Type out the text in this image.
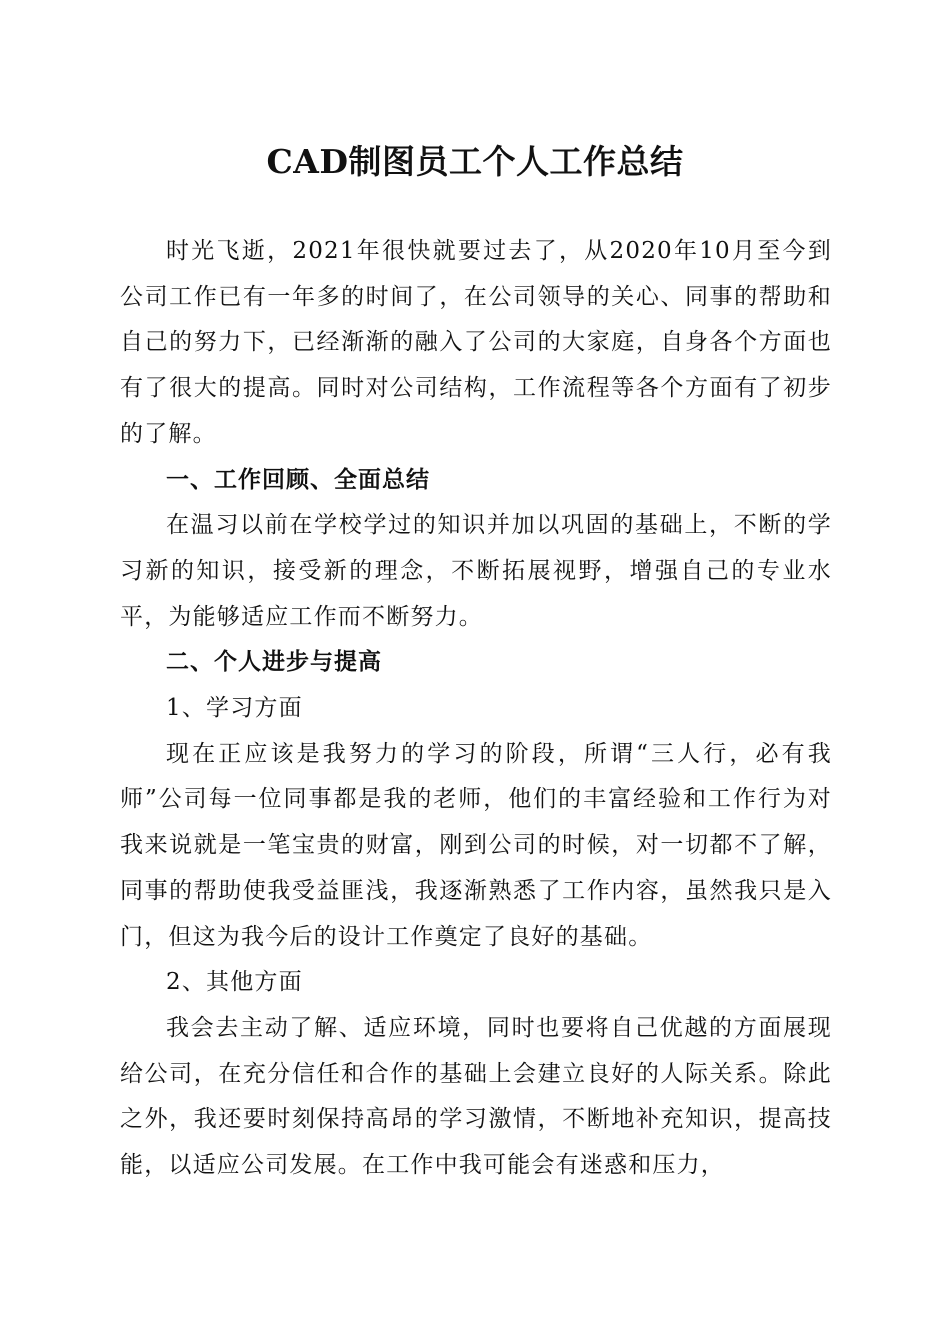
CAD制图员工个人工作总结

时光飞逝，2021年很快就要过去了，从2020年10月至今到公司工作已有一年多的时间了，在公司领导的关心、同事的帮助和自己的努力下，已经渐渐的融入了公司的大家庭，自身各个方面也有了很大的提高。同时对公司结构，工作流程等各个方面有了初步的了解。

一、工作回顾、全面总结

在温习以前在学校学过的知识并加以巩固的基础上，不断的学习新的知识，接受新的理念，不断拓展视野，增强自己的专业水平，为能够适应工作而不断努力。

二、个人进步与提高

1、学习方面

现在正应该是我努力的学习的阶段，所谓“三人行，必有我师”公司每一位同事都是我的老师，他们的丰富经验和工作行为对我来说就是一笔宝贵的财富，刚到公司的时候，对一切都不了解，同事的帮助使我受益匪浅，我逐渐熟悉了工作内容，虽然我只是入门，但这为我今后的设计工作奠定了良好的基础。

2、其他方面

我会去主动了解、适应环境，同时也要将自己优越的方面展现给公司，在充分信任和合作的基础上会建立良好的人际关系。除此之外，我还要时刻保持高昂的学习激情，不断地补充知识，提高技能，以适应公司发展。在工作中我可能会有迷惑和压力，
